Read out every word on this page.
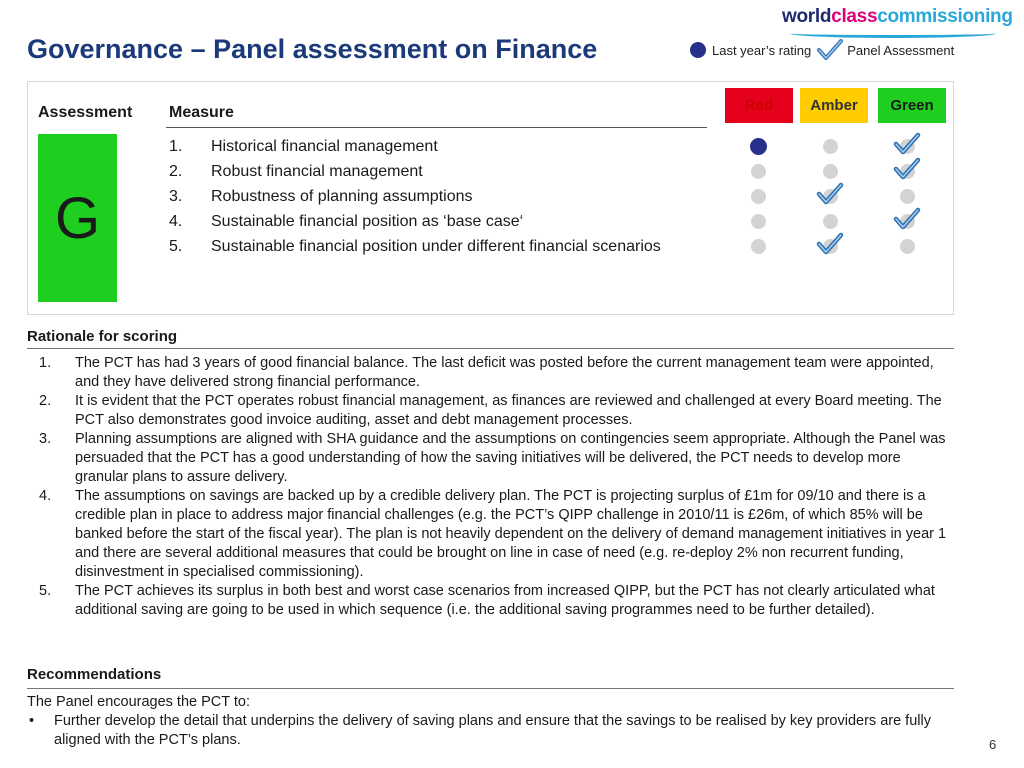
worldclasscommissioning
Governance – Panel assessment on Finance	Last year’s rating	Panel Assessment
Assessment Measure
G
Red	Amber	Green
1.	Historical financial management
2.	Robust financial management
3.	Robustness of planning assumptions
4.	Sustainable financial position as ‘base case‘
5.	Sustainable financial position under different financial scenarios
Rationale for scoring
1.	The PCT has had 3 years of good financial balance. The last deficit was posted before the current management team were appointed, and they have delivered strong financial performance.
2.	It is evident that the PCT operates robust financial management, as finances are reviewed and challenged at every Board meeting. The PCT also demonstrates good invoice auditing, asset and debt management processes.
3.	Planning assumptions are aligned with SHA guidance and the assumptions on contingencies seem appropriate. Although the Panel was persuaded that the PCT has a good understanding of how the saving initiatives will be delivered, the PCT needs to develop more granular plans to assure delivery.
4.	The assumptions on savings are backed up by a credible delivery plan. The PCT is projecting surplus of £1m for 09/10 and there is a credible plan in place to address major financial challenges (e.g. the PCT’s QIPP challenge in 2010/11 is £26m, of which 85% will be banked before the start of the fiscal year). The plan is not heavily dependent on the delivery of demand management initiatives in year 1 and there are several additional measures that could be brought on line in case of need (e.g. re-deploy 2% non recurrent funding, disinvestment in specialised commissioning).
5.	The PCT achieves its surplus in both best and worst case scenarios from increased QIPP, but the PCT has not clearly articulated what additional saving are going to be used in which sequence (i.e. the additional saving programmes need to be further detailed).
Recommendations
The Panel encourages the PCT to:
•	Further develop the detail that underpins the delivery of saving plans and ensure that the savings to be realised by key providers are fully aligned with the PCT’s plans.	6
